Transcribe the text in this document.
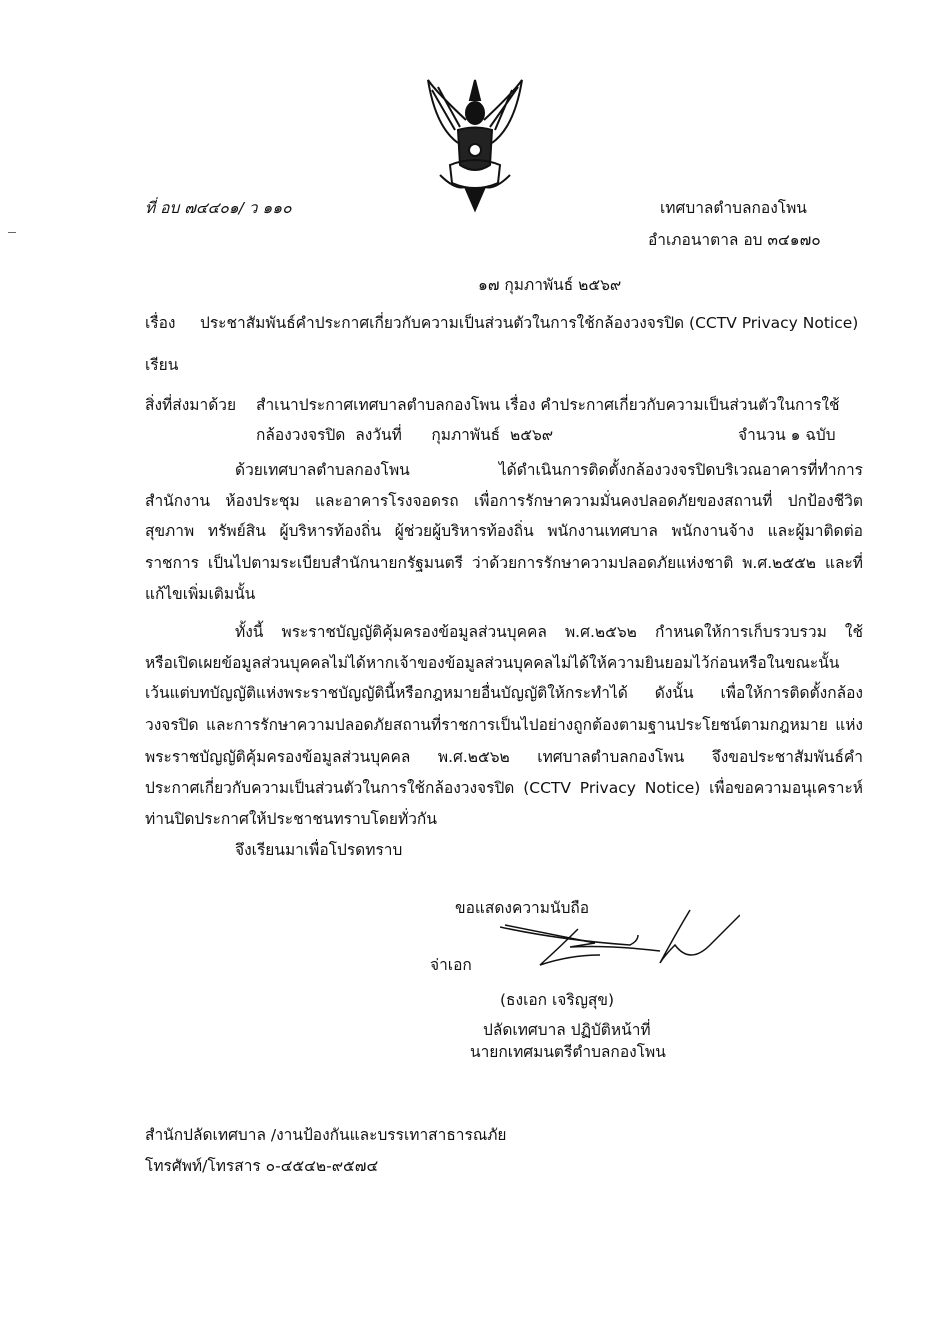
ที่ อบ ๗๔๔๐๑/ ว ๑๑๐	เทศบาลตำบลกองโพน
อำเภอนาตาล อบ ๓๔๑๗๐
๑๗ กุมภาพันธ์ ๒๕๖๙
เรื่อง ประชาสัมพันธ์คำประกาศเกี่ยวกับความเป็นส่วนตัวในการใช้กล้องวงจรปิด (CCTV Privacy Notice)
เรียน
สิ่งที่ส่งมาด้วย สำเนาประกาศเทศบาลตำบลกองโพน เรื่อง คำประกาศเกี่ยวกับความเป็นส่วนตัวในการใช้
กล้องวงจรปิด  ลงวันที่      กุมภาพันธ์  ๒๕๖๙	จำนวน ๑ ฉบับ
ด้วยเทศบาลตำบลกองโพน ได้ดำเนินการติดตั้งกล้องวงจรปิดบริเวณอาคารที่ทำการ
สำนักงาน ห้องประชุม และอาคารโรงจอดรถ เพื่อการรักษาความมั่นคงปลอดภัยของสถานที่ ปกป้องชีวิต
สุขภาพ ทรัพย์สิน ผู้บริหารท้องถิ่น ผู้ช่วยผู้บริหารท้องถิ่น พนักงานเทศบาล พนักงานจ้าง และผู้มาติดต่อ
ราชการ เป็นไปตามระเบียบสำนักนายกรัฐมนตรี ว่าด้วยการรักษาความปลอดภัยแห่งชาติ พ.ศ.๒๕๕๒ และที่
แก้ไขเพิ่มเติมนั้น
ทั้งนี้ พระราชบัญญัติคุ้มครองข้อมูลส่วนบุคคล พ.ศ.๒๕๖๒ กำหนดให้การเก็บรวบรวม ใช้
หรือเปิดเผยข้อมูลส่วนบุคคลไม่ได้หากเจ้าของข้อมูลส่วนบุคคลไม่ได้ให้ความยินยอมไว้ก่อนหรือในขณะนั้น
เว้นแต่บทบัญญัติแห่งพระราชบัญญัตินี้หรือกฎหมายอื่นบัญญัติให้กระทำได้ ดังนั้น เพื่อให้การติดตั้งกล้อง
วงจรปิด และการรักษาความปลอดภัยสถานที่ราชการเป็นไปอย่างถูกต้องตามฐานประโยชน์ตามกฎหมาย แห่ง
พระราชบัญญัติคุ้มครองข้อมูลส่วนบุคคล พ.ศ.๒๕๖๒ เทศบาลตำบลกองโพน จึงขอประชาสัมพันธ์คำ
ประกาศเกี่ยวกับความเป็นส่วนตัวในการใช้กล้องวงจรปิด (CCTV Privacy Notice) เพื่อขอความอนุเคราะห์
ท่านปิดประกาศให้ประชาชนทราบโดยทั่วกัน
จึงเรียนมาเพื่อโปรดทราบ
ขอแสดงความนับถือ
จ่าเอก
(ธงเอก เจริญสุข)
ปลัดเทศบาล ปฏิบัติหน้าที่
นายกเทศมนตรีตำบลกองโพน
สำนักปลัดเทศบาล /งานป้องกันและบรรเทาสาธารณภัย
โทรศัพท์/โทรสาร ๐-๔๕๔๒-๙๕๗๔
